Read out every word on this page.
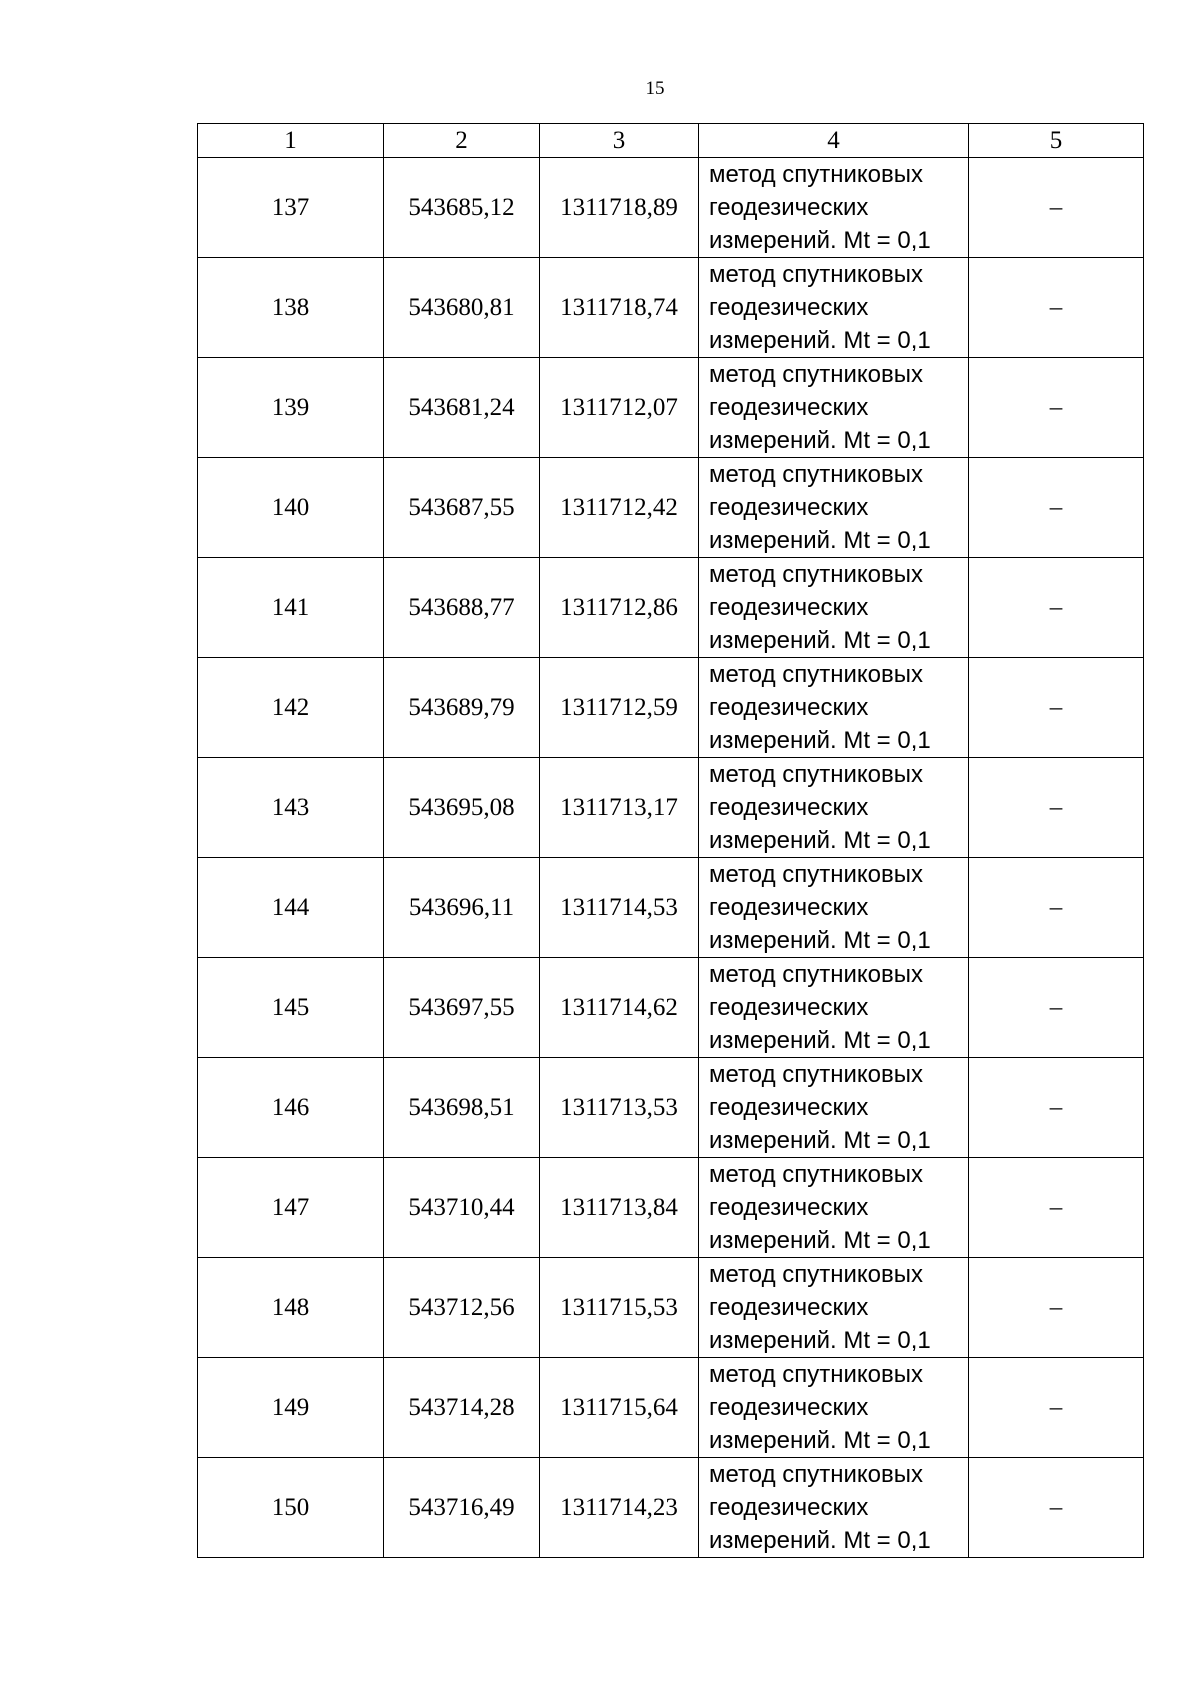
15
1	2	3	4	5
137	543685,12	1311718,89	метод спутниковых
геодезических
измерений. Mt = 0,1	–
138	543680,81	1311718,74	метод спутниковых
геодезических
измерений. Mt = 0,1	–
139	543681,24	1311712,07	метод спутниковых
геодезических
измерений. Mt = 0,1	–
140	543687,55	1311712,42	метод спутниковых
геодезических
измерений. Mt = 0,1	–
141	543688,77	1311712,86	метод спутниковых
геодезических
измерений. Mt = 0,1	–
142	543689,79	1311712,59	метод спутниковых
геодезических
измерений. Mt = 0,1	–
143	543695,08	1311713,17	метод спутниковых
геодезических
измерений. Mt = 0,1	–
144	543696,11	1311714,53	метод спутниковых
геодезических
измерений. Mt = 0,1	–
145	543697,55	1311714,62	метод спутниковых
геодезических
измерений. Mt = 0,1	–
146	543698,51	1311713,53	метод спутниковых
геодезических
измерений. Mt = 0,1	–
147	543710,44	1311713,84	метод спутниковых
геодезических
измерений. Mt = 0,1	–
148	543712,56	1311715,53	метод спутниковых
геодезических
измерений. Mt = 0,1	–
149	543714,28	1311715,64	метод спутниковых
геодезических
измерений. Mt = 0,1	–
150	543716,49	1311714,23	метод спутниковых
геодезических
измерений. Mt = 0,1	–
